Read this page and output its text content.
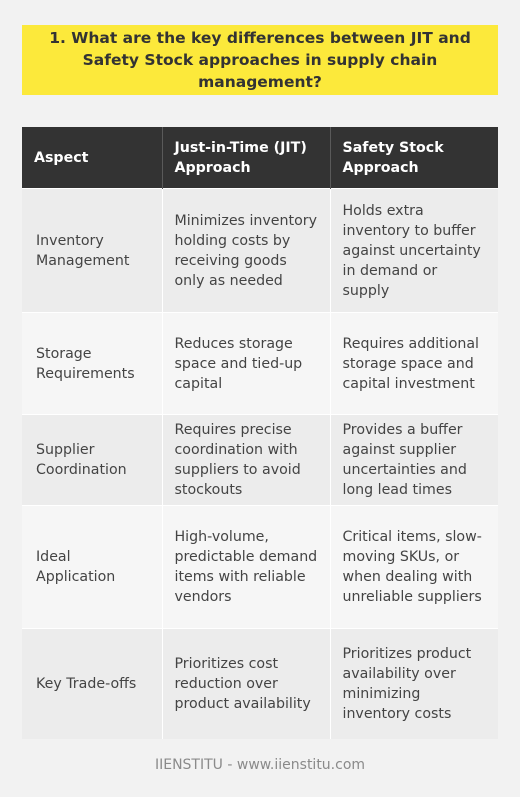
1. What are the key differences between JIT and Safety Stock approaches in supply chain management?
Aspect	Just-in-Time (JIT) Approach	Safety Stock Approach
Inventory Management	Minimizes inventory holding costs by receiving goods only as needed	Holds extra inventory to buffer against uncertainty in demand or supply
Storage Requirements	Reduces storage space and tied-up capital	Requires additional storage space and capital investment
Supplier Coordination	Requires precise coordination with suppliers to avoid stockouts	Provides a buffer against supplier uncertainties and long lead times
Ideal Application	High-volume, predictable demand items with reliable vendors	Critical items, slow-moving SKUs, or when dealing with unreliable suppliers
Key Trade-offs	Prioritizes cost reduction over product availability	Prioritizes product availability over minimizing inventory costs
IIENSTITU - www.iienstitu.com
